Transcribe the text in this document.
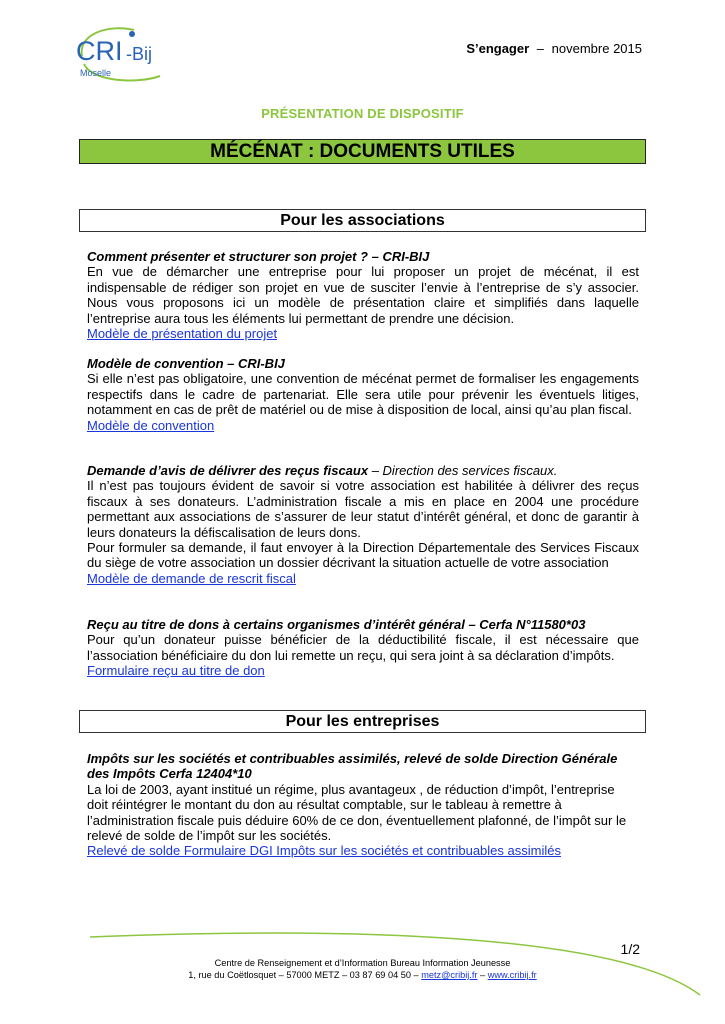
CRI -Bij
Moselle
S’engager – novembre 2015
PRÉSENTATION DE DISPOSITIF
MÉCÉNAT : DOCUMENTS UTILES
Pour les associations
Comment présenter et structurer son projet ? – CRI-BIJ

En vue de démarcher une entreprise pour lui proposer un projet de mécénat, il est indispensable de rédiger son projet en vue de susciter l’envie à l’entreprise de s’y associer. Nous vous proposons ici un modèle de présentation claire et simplifiés dans laquelle l’entreprise aura tous les éléments lui permettant de prendre une décision.

Modèle de présentation du projet
Modèle de convention – CRI-BIJ

Si elle n’est pas obligatoire, une convention de mécénat permet de formaliser les engagements respectifs dans le cadre de partenariat. Elle sera utile pour prévenir les éventuels litiges, notamment en cas de prêt de matériel ou de mise à disposition de local, ainsi qu’au plan fiscal.

Modèle de convention

Demande d’avis de délivrer des reçus fiscaux – Direction des services fiscaux.

Il n’est pas toujours évident de savoir si votre association est habilitée à délivrer des reçus fiscaux à ses donateurs. L’administration fiscale a mis en place en 2004 une procédure permettant aux associations de s’assurer de leur statut d’intérêt général, et donc de garantir à leurs donateurs la défiscalisation de leurs dons.

Pour formuler sa demande, il faut envoyer à la Direction Départementale des Services Fiscaux du siège de votre association un dossier décrivant la situation actuelle de votre association

Modèle de demande de rescrit fiscal
Reçu au titre de dons à certains organismes d’intérêt général – Cerfa N°11580*03

Pour qu’un donateur puisse bénéficier de la déductibilité fiscale, il est nécessaire que l’association bénéficiaire du don lui remette un reçu, qui sera joint à sa déclaration d’impôts.

Formulaire reçu au titre de don
Pour les entreprises
Impôts sur les sociétés et contribuables assimilés, relevé de solde Direction Générale des Impôts Cerfa 12404*10

La loi de 2003, ayant institué un régime, plus avantageux , de réduction d’impôt, l’entreprise doit réintégrer le montant du don au résultat comptable, sur le tableau à remettre à l’administration fiscale puis déduire 60% de ce don, éventuellement plafonné, de l’impôt sur le relevé de solde de l’impôt sur les sociétés.

Relevé de solde Formulaire DGI Impôts sur les sociétés et contribuables assimilés
1/2
Centre de Renseignement et d’Information Bureau Information Jeunesse
1, rue du Coëtlosquet – 57000 METZ – 03 87 69 04 50 – metz@cribij.fr – www.cribij.fr
